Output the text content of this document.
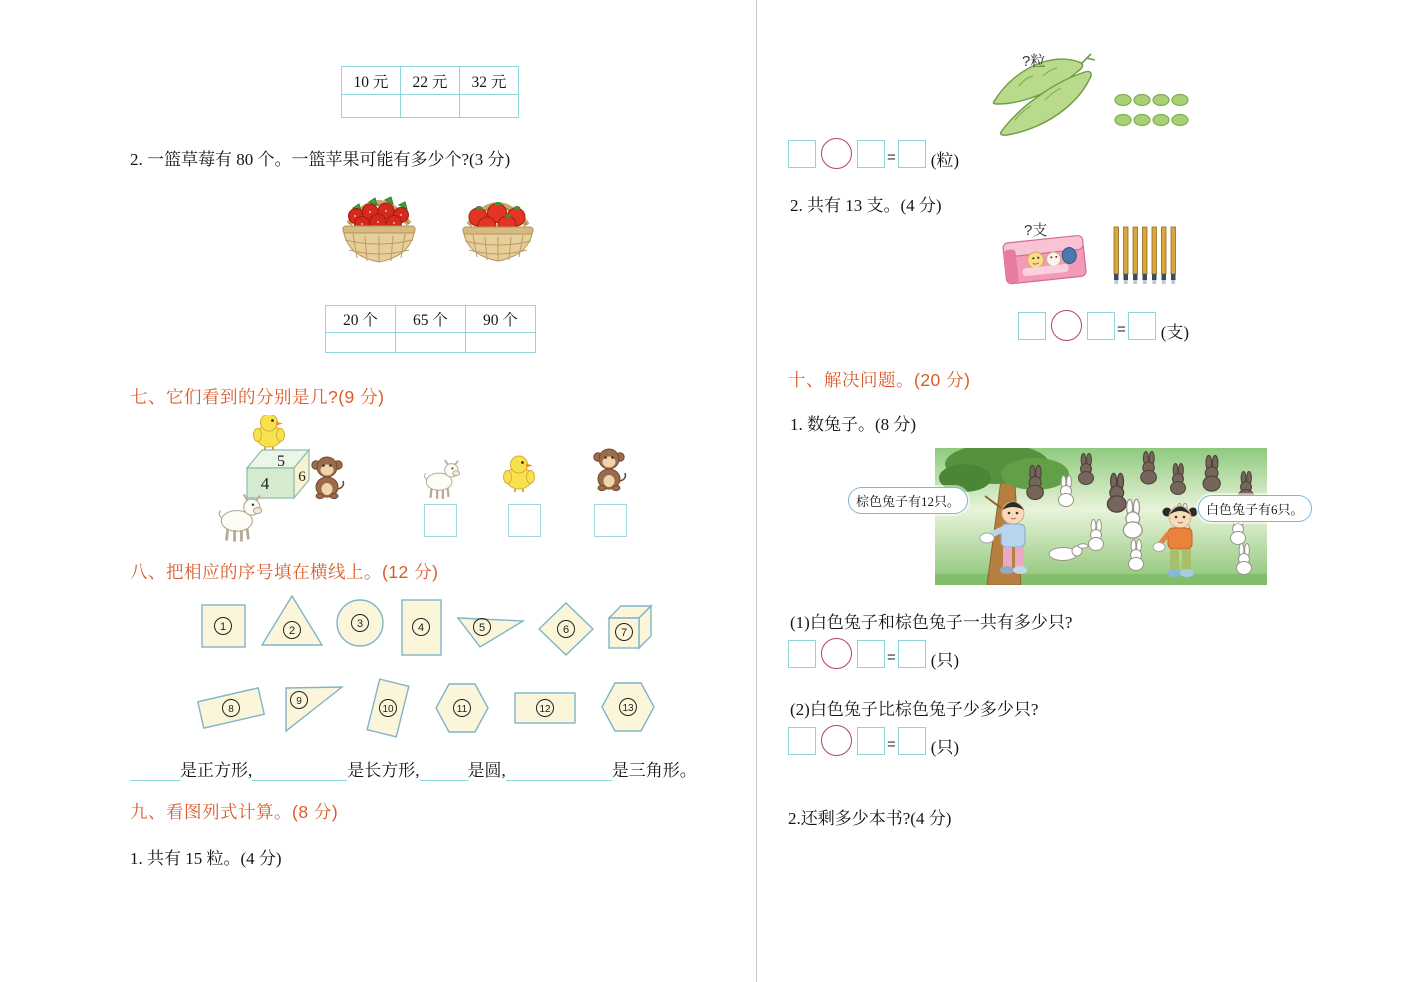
10 元	22 元	32 元

2. 一篮草莓有 80 个。一篮苹果可能有多少个?(3 分)
20 个	65 个	90 个

七、它们看到的分别是几?(9 分)
5
4 6
八、把相应的序号填在横线上。(12 分)
1	2
3	4	5	6	7
8
9
10	11	12	13
是正方形,	是长方形,	是圆,	是三角形。
九、看图列式计算。(8 分)
1. 共有 15 粒。(4 分)
?粒
= (粒)
2. 共有 13 支。(4 分)
?支
= (支)
十、解决问题。(20 分)
1. 数兔子。(8 分)
棕色兔子有12只。
白色兔子有6只。
(1)白色兔子和棕色兔子一共有多少只?
= (只)
(2)白色兔子比棕色兔子少多少只?
= (只)
2.还剩多少本书?(4 分)
